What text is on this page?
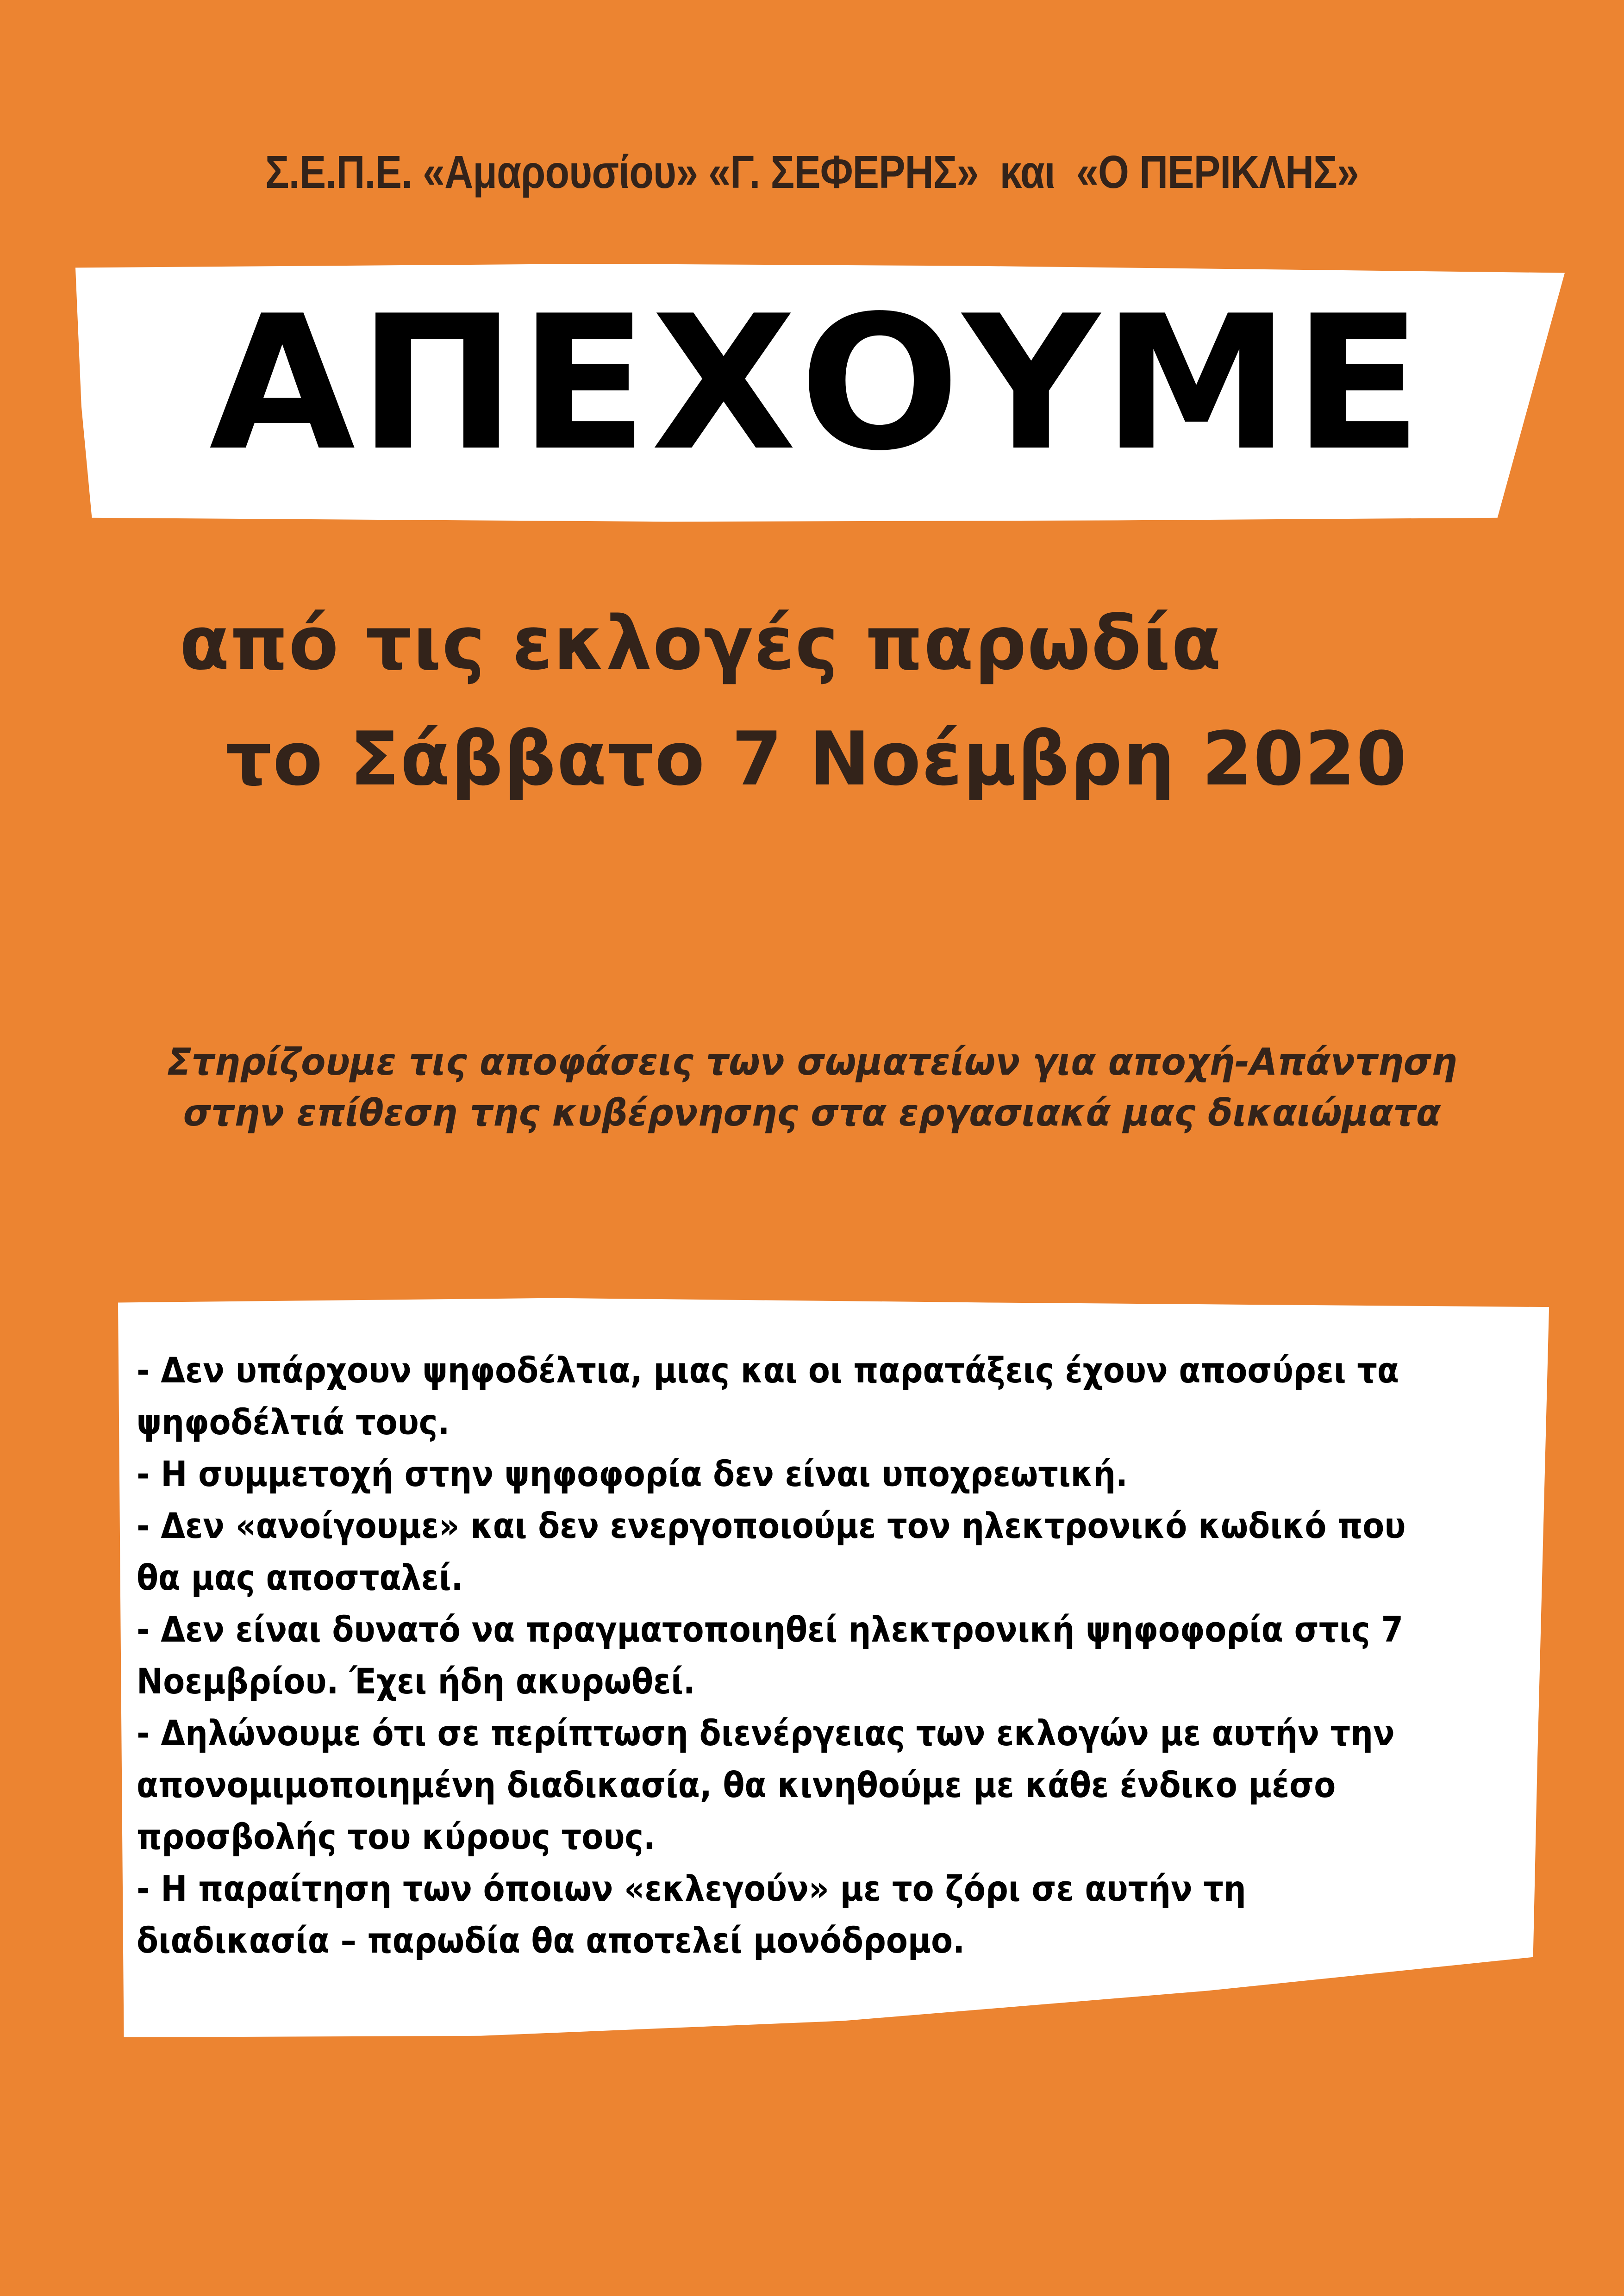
Σ.Ε.Π.Ε. «Αμαρουσίου» «Γ. ΣΕΦΕΡΗΣ»  και  «Ο ΠΕΡΙΚΛΗΣ»
ΑΠΕΧΟΥΜΕ
από τις εκλογές παρωδία
το Σάββατο 7 Νοέμβρη 2020
Στηρίζουμε τις αποφάσεις των σωματείων για αποχή-Απάντηση
στην επίθεση της κυβέρνησης στα εργασιακά μας δικαιώματα
- Δεν υπάρχουν ψηφοδέλτια, μιας και οι παρατάξεις έχουν αποσύρει τα
ψηφοδέλτιά τους.
- Η συμμετοχή στην ψηφοφορία δεν είναι υποχρεωτική.
- Δεν «ανοίγουμε» και δεν ενεργοποιούμε τον ηλεκτρονικό κωδικό που
θα μας αποσταλεί.
- Δεν είναι δυνατό να πραγματοποιηθεί ηλεκτρονική ψηφοφορία στις 7
Νοεμβρίου. Έχει ήδη ακυρωθεί.
- Δηλώνουμε ότι σε περίπτωση διενέργειας των εκλογών με αυτήν την
απονομιμοποιημένη διαδικασία, θα κινηθούμε με κάθε ένδικο μέσο
προσβολής του κύρους τους.
- Η παραίτηση των όποιων «εκλεγούν» με το ζόρι σε αυτήν τη
διαδικασία – παρωδία θα αποτελεί μονόδρομο.
